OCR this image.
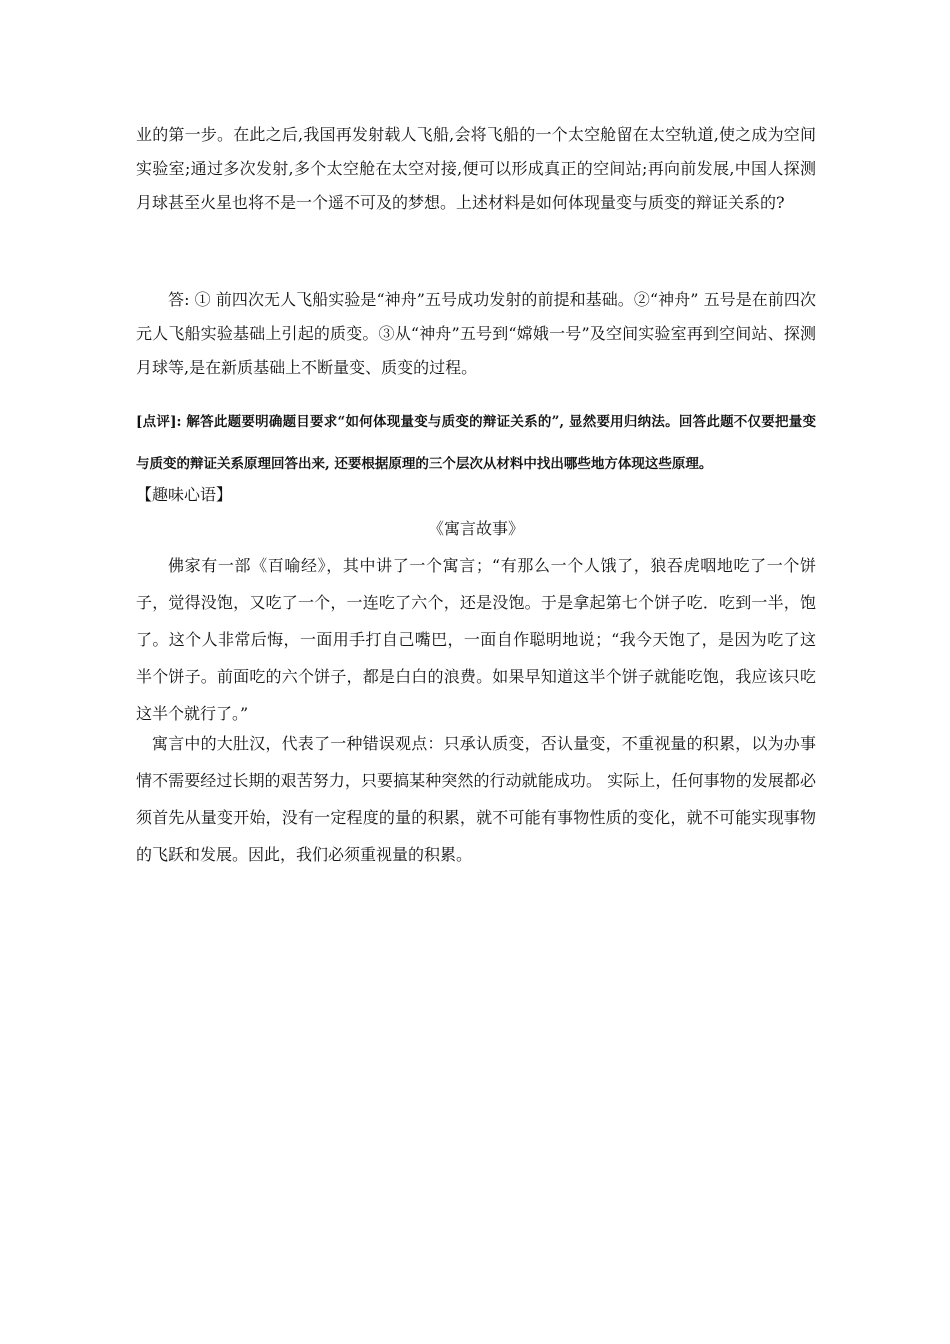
业的第一步。在此之后,我国再发射载人飞船,会将飞船的一个太空舱留在太空轨道,使之成为空间实验室;通过多次发射,多个太空舱在太空对接,便可以形成真正的空间站;再向前发展,中国人探测月球甚至火星也将不是一个遥不可及的梦想。上述材料是如何体现量变与质变的辩证关系的?

答: ① 前四次无人飞船实验是“神舟”五号成功发射的前提和基础。②“神舟” 五号是在前四次元人飞船实验基础上引起的质变。③从“神舟”五号到“嫦娥一号”及空间实验室再到空间站、探测月球等,是在新质基础上不断量变、质变的过程。

[点评]: 解答此题要明确题目要求“如何体现量变与质变的辩证关系的”, 显然要用归纳法。回答此题不仅要把量变与质变的辩证关系原理回答出来, 还要根据原理的三个层次从材料中找出哪些地方体现这些原理。

【趣味心语】

《寓言故事》

佛家有一部《百喻经》，其中讲了一个寓言；“有那么一个人饿了，狼吞虎咽地吃了一个饼子，觉得没饱，又吃了一个，一连吃了六个，还是没饱。于是拿起第七个饼子吃．吃到一半，饱了。这个人非常后悔，一面用手打自己嘴巴，一面自作聪明地说；“我今天饱了，是因为吃了这半个饼子。前面吃的六个饼子，都是白白的浪费。如果早知道这半个饼子就能吃饱，我应该只吃这半个就行了。”

寓言中的大肚汉，代表了一种错误观点：只承认质变，否认量变，不重视量的积累，以为办事情不需要经过长期的艰苦努力，只要搞某种突然的行动就能成功。 实际上，任何事物的发展都必须首先从量变开始，没有一定程度的量的积累，就不可能有事物性质的变化，就不可能实现事物的飞跃和发展。因此，我们必须重视量的积累。
